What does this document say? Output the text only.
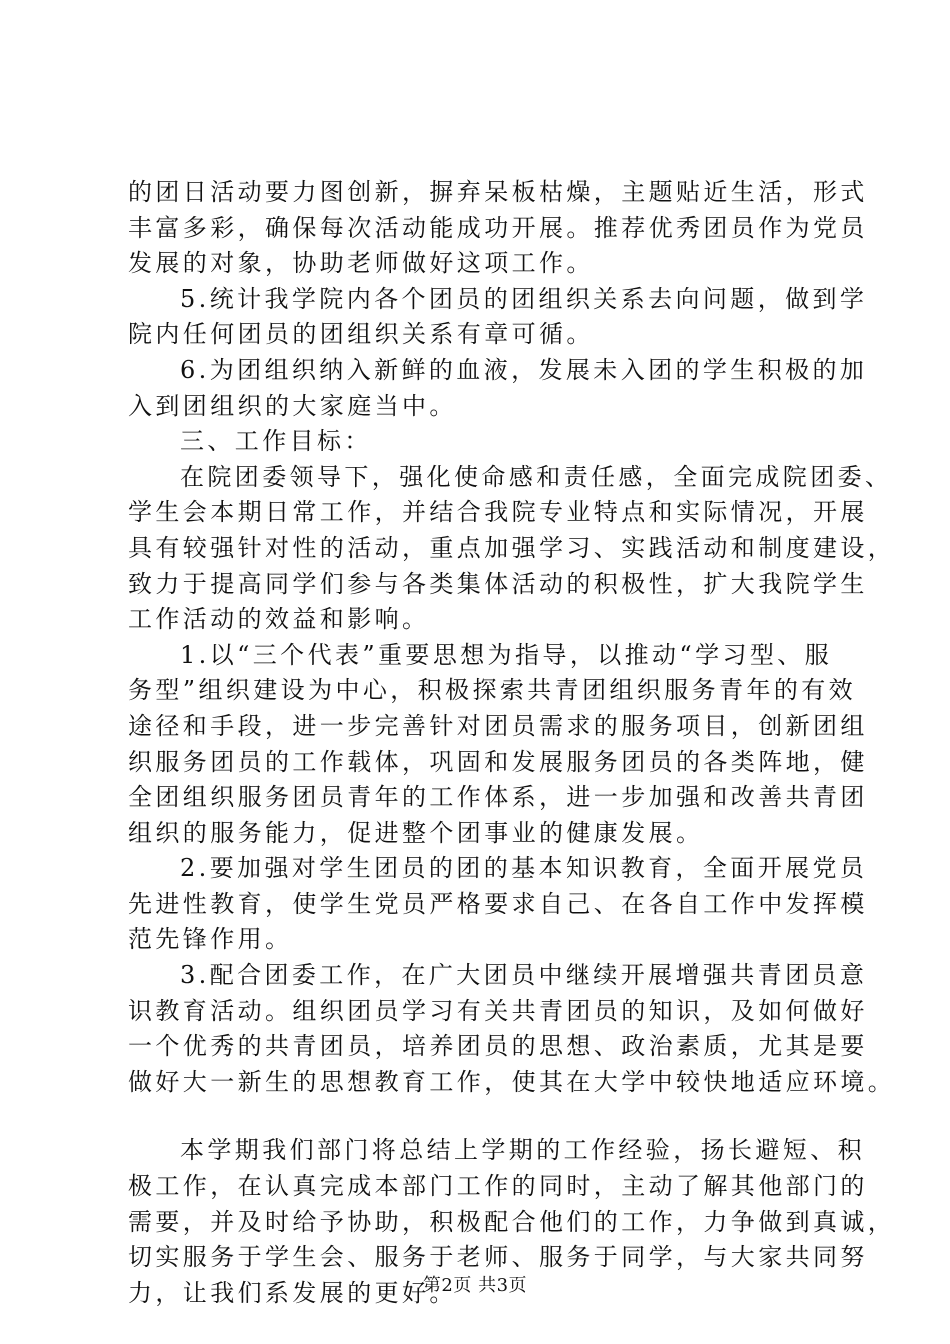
的团日活动要力图创新，摒弃呆板枯燥，主题贴近生活，形式
丰富多彩，确保每次活动能成功开展。推荐优秀团员作为党员
发展的对象，协助老师做好这项工作。
5.统计我学院内各个团员的团组织关系去向问题，做到学
院内任何团员的团组织关系有章可循。
6.为团组织纳入新鲜的血液，发展未入团的学生积极的加
入到团组织的大家庭当中。
三、工作目标：
在院团委领导下，强化使命感和责任感，全面完成院团委、
学生会本期日常工作，并结合我院专业特点和实际情况，开展
具有较强针对性的活动，重点加强学习、实践活动和制度建设，
致力于提高同学们参与各类集体活动的积极性，扩大我院学生
工作活动的效益和影响。
1.以“三个代表”重要思想为指导，以推动“学习型、服
务型”组织建设为中心，积极探索共青团组织服务青年的有效
途径和手段，进一步完善针对团员需求的服务项目，创新团组
织服务团员的工作载体，巩固和发展服务团员的各类阵地，健
全团组织服务团员青年的工作体系，进一步加强和改善共青团
组织的服务能力，促进整个团事业的健康发展。
2.要加强对学生团员的团的基本知识教育，全面开展党员
先进性教育，使学生党员严格要求自己、在各自工作中发挥模
范先锋作用。
3.配合团委工作，在广大团员中继续开展增强共青团员意
识教育活动。组织团员学习有关共青团员的知识，及如何做好
一个优秀的共青团员，培养团员的思想、政治素质，尤其是要
做好大一新生的思想教育工作，使其在大学中较快地适应环境。
本学期我们部门将总结上学期的工作经验，扬长避短、积
极工作，在认真完成本部门工作的同时，主动了解其他部门的
需要，并及时给予协助，积极配合他们的工作，力争做到真诚，
切实服务于学生会、服务于老师、服务于同学，与大家共同努
力，让我们系发展的更好。
第2页 共3页
